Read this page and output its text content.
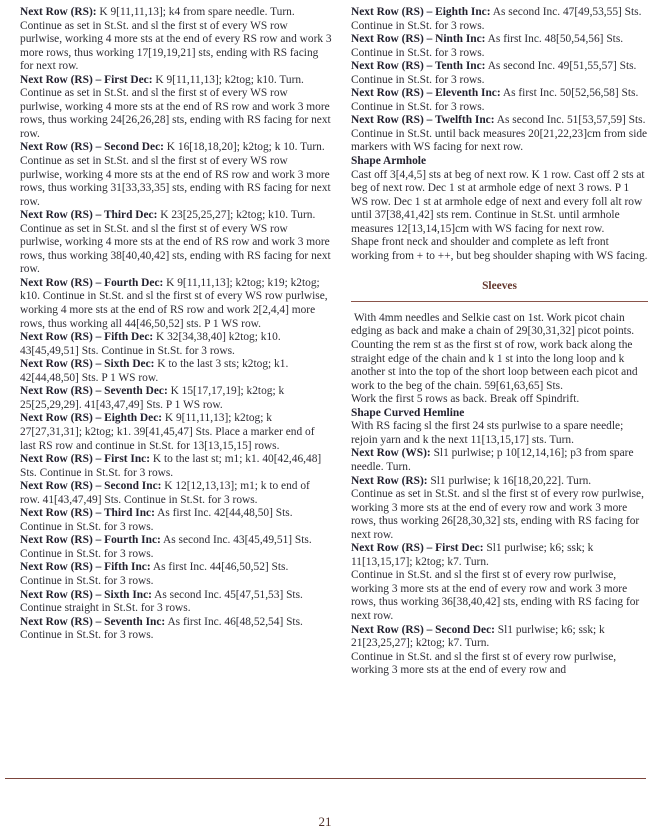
Next Row (RS): K 9[11,11,13]; k4 from spare needle. Turn.
Continue as set in St.St. and sl the first st of every WS row purlwise, working 4 more sts at the end of every RS row and work 3 more rows, thus working 17[19,19,21] sts, ending with RS facing for next row.
Next Row (RS) – First Dec: K 9[11,11,13]; k2tog; k10. Turn.
Continue as set in St.St. and sl the first st of every WS row purlwise, working 4 more sts at the end of RS row and work 3 more rows, thus working 24[26,26,28] sts, ending with RS facing for next row.
Next Row (RS) – Second Dec: K 16[18,18,20]; k2tog; k 10. Turn.
Continue as set in St.St. and sl the first st of every WS row purlwise, working 4 more sts at the end of RS row and work 3 more rows, thus working 31[33,33,35] sts, ending with RS facing for next row.
Next Row (RS) – Third Dec: K 23[25,25,27]; k2tog; k10. Turn.
Continue as set in St.St. and sl the first st of every WS row purlwise, working 4 more sts at the end of RS row and work 3 more rows, thus working 38[40,40,42] sts, ending with RS facing for next row.
Next Row (RS) – Fourth Dec: K 9[11,11,13]; k2tog; k19; k2tog; k10. Continue in St.St. and sl the first st of every WS row purlwise, working 4 more sts at the end of RS row and work 2[2,4,4] more rows, thus working all 44[46,50,52] sts. P 1 WS row.
Next Row (RS) – Fifth Dec: K 32[34,38,40] k2tog; k10. 43[45,49,51] Sts. Continue in St.St. for 3 rows.
Next Row (RS) – Sixth Dec: K to the last 3 sts; k2tog; k1. 42[44,48,50] Sts. P 1 WS row.
Next Row (RS) – Seventh Dec: K 15[17,17,19]; k2tog; k 25[25,29,29]. 41[43,47,49] Sts. P 1 WS row.
Next Row (RS) – Eighth Dec: K 9[11,11,13]; k2tog; k 27[27,31,31]; k2tog; k1. 39[41,45,47] Sts. Place a marker end of last RS row and continue in St.St. for 13[13,15,15] rows.
Next Row (RS) – First Inc: K to the last st; m1; k1. 40[42,46,48] Sts. Continue in St.St. for 3 rows.
Next Row (RS) – Second Inc: K 12[12,13,13]; m1; k to end of row. 41[43,47,49] Sts. Continue in St.St. for 3 rows.
Next Row (RS) – Third Inc: As first Inc. 42[44,48,50] Sts. Continue in St.St. for 3 rows.
Next Row (RS) – Fourth Inc: As second Inc. 43[45,49,51] Sts. Continue in St.St. for 3 rows.
Next Row (RS) – Fifth Inc: As first Inc. 44[46,50,52] Sts. Continue in St.St. for 3 rows.
Next Row (RS) – Sixth Inc: As second Inc. 45[47,51,53] Sts. Continue straight in St.St. for 3 rows.
Next Row (RS) – Seventh Inc: As first Inc. 46[48,52,54] Sts. Continue in St.St. for 3 rows.
Next Row (RS) – Eighth Inc: As second Inc. 47[49,53,55] Sts. Continue in St.St. for 3 rows.
Next Row (RS) – Ninth Inc: As first Inc. 48[50,54,56] Sts. Continue in St.St. for 3 rows.
Next Row (RS) – Tenth Inc: As second Inc. 49[51,55,57] Sts. Continue in St.St. for 3 rows.
Next Row (RS) – Eleventh Inc: As first Inc. 50[52,56,58] Sts. Continue in St.St. for 3 rows.
Next Row (RS) – Twelfth Inc: As second Inc. 51[53,57,59] Sts. Continue in St.St. until back measures 20[21,22,23]cm from side markers with WS facing for next row.
Shape Armhole
Cast off 3[4,4,5] sts at beg of next row. K 1 row. Cast off 2 sts at beg of next row. Dec 1 st at armhole edge of next 3 rows. P 1 WS row. Dec 1 st at armhole edge of next and every foll alt row until 37[38,41,42] sts rem. Continue in St.St. until armhole measures 12[13,14,15]cm with WS facing for next row.
Shape front neck and shoulder and complete as left front working from + to ++, but beg shoulder shaping with WS facing.
Sleeves
With 4mm needles and Selkie cast on 1st. Work picot chain edging as back and make a chain of 29[30,31,32] picot points.
Counting the rem st as the first st of row, work back along the straight edge of the chain and k 1 st into the long loop and k another st into the top of the short loop between each picot and work to the beg of the chain. 59[61,63,65] Sts.
Work the first 5 rows as back. Break off Spindrift.
Shape Curved Hemline
With RS facing sl the first 24 sts purlwise to a spare needle; rejoin yarn and k the next 11[13,15,17] sts. Turn.
Next Row (WS): Sl1 purlwise; p 10[12,14,16]; p3 from spare needle. Turn.
Next Row (RS): Sl1 purlwise; k 16[18,20,22]. Turn.
Continue as set in St.St. and sl the first st of every row purlwise, working 3 more sts at the end of every row and work 3 more rows, thus working 26[28,30,32] sts, ending with RS facing for next row.
Next Row (RS) – First Dec: Sl1 purlwise; k6; ssk; k 11[13,15,17]; k2tog; k7. Turn.
Continue in St.St. and sl the first st of every row purlwise, working 3 more sts at the end of every row and work 3 more rows, thus working 36[38,40,42] sts, ending with RS facing for next row.
Next Row (RS) – Second Dec: Sl1 purlwise; k6; ssk; k 21[23,25,27]; k2tog; k7. Turn.
Continue in St.St. and sl the first st of every row purlwise, working 3 more sts at the end of every row and
21
